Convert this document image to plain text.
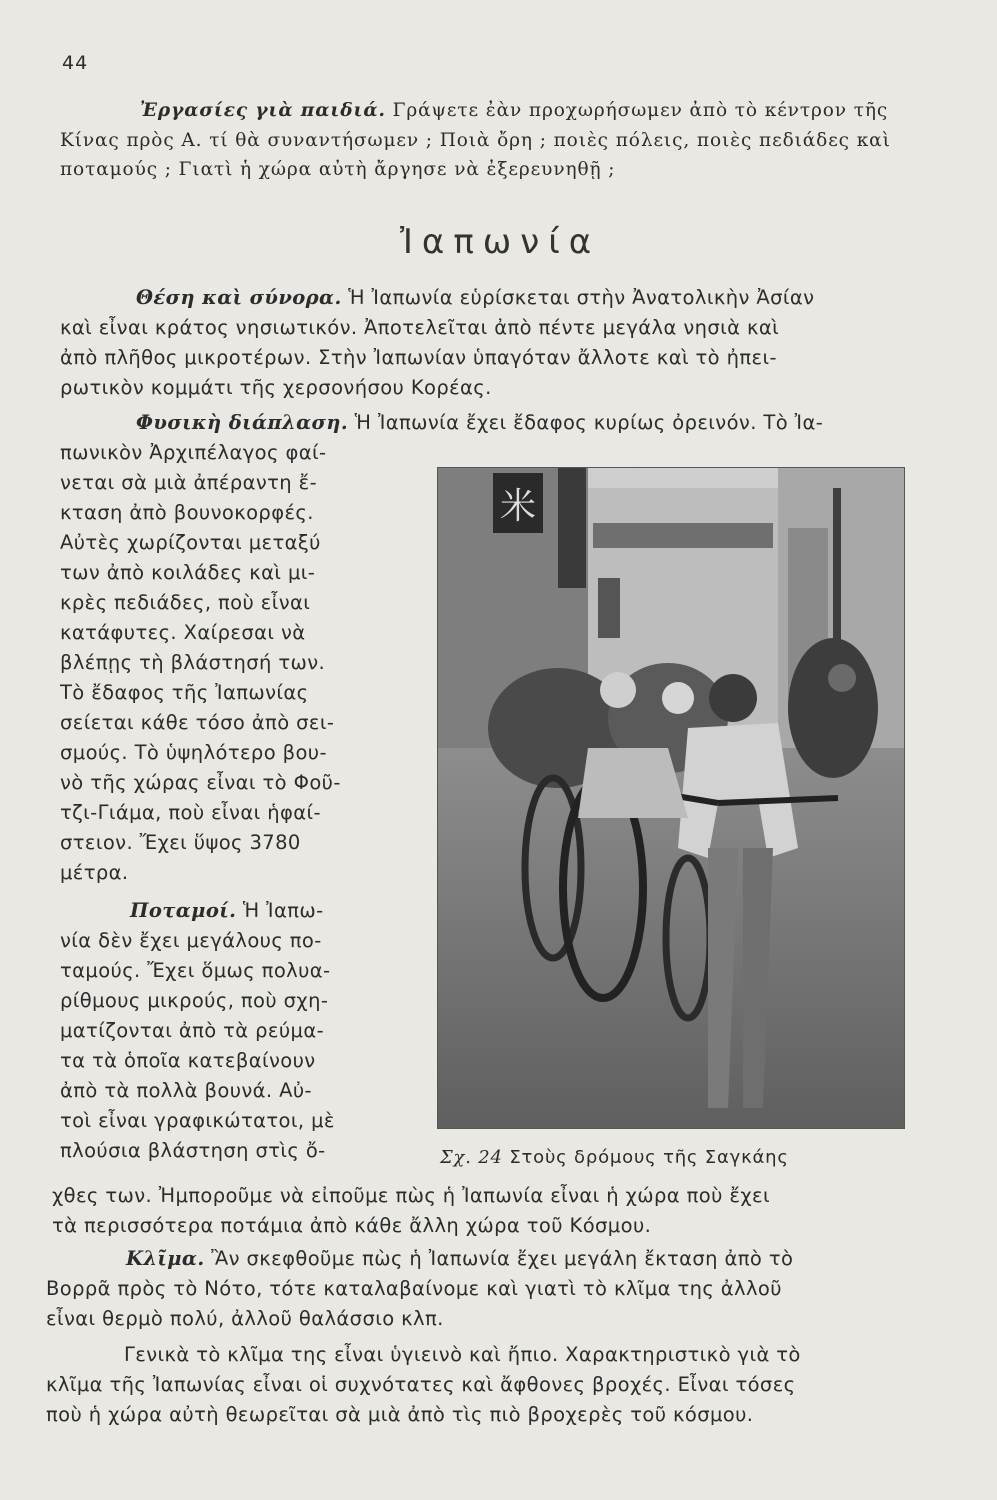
44
Ἐργασίες γιὰ παιδιά. Γράψετε ἐὰν προχωρήσωμεν ἀπὸ τὸ κέντρον τῆς
Κίνας πρὸς Α. τί θὰ συναντήσωμεν ; Ποιὰ ὄρη ; ποιὲς πόλεις, ποιὲς πεδιάδες καὶ
ποταμούς ; Γιατὶ ἡ χώρα αὐτὴ ἄργησε νὰ ἐξερευνηθῇ ;
Ἰαπωνία
Θέση καὶ σύνορα. Ἡ Ἰαπωνία εὑρίσκεται στὴν Ἀνατολικὴν Ἀσίαν
καὶ εἶναι κράτος νησιωτικόν. Ἀποτελεῖται ἀπὸ πέντε μεγάλα νησιὰ καὶ
ἀπὸ πλῆθος μικροτέρων. Στὴν Ἰαπωνίαν ὑπαγόταν ἄλλοτε καὶ τὸ ἠπει-
ρωτικὸν κομμάτι τῆς χερσονήσου Κορέας.
Φυσικὴ διάπλαση. Ἡ Ἰαπωνία ἔχει ἔδαφος κυρίως ὀρεινόν. Τὸ Ἰα-
πωνικὸν Ἀρχιπέλαγος φαί-
νεται σὰ μιὰ ἀπέραντη ἔ-
κταση ἀπὸ βουνοκορφές.
Αὐτὲς χωρίζονται μεταξύ
των ἀπὸ κοιλάδες καὶ μι-
κρὲς πεδιάδες, ποὺ εἶναι
κατάφυτες. Χαίρεσαι νὰ
βλέπῃς τὴ βλάστησή των.
Τὸ ἔδαφος τῆς Ἰαπωνίας
σείεται κάθε τόσο ἀπὸ σει-
σμούς. Τὸ ὑψηλότερο βου-
νὸ τῆς χώρας εἶναι τὸ Φοῦ-
τζι-Γιάμα, ποὺ εἶναι ἡφαί-
στειον. Ἔχει ὕψος 3780
μέτρα.
Ποταμοί. Ἡ Ἰαπω-
νία δὲν ἔχει μεγάλους πο-
ταμούς. Ἔχει ὅμως πολυα-
ρίθμους μικρούς, ποὺ σχη-
ματίζονται ἀπὸ τὰ ρεύμα-
τα τὰ ὁποῖα κατεβαίνουν
ἀπὸ τὰ πολλὰ βουνά. Αὐ-
τοὶ εἶναι γραφικώτατοι, μὲ
πλούσια βλάστηση στὶς ὄ-
χθες των. Ἠμποροῦμε νὰ εἰποῦμε πὼς ἡ Ἰαπωνία εἶναι ἡ χώρα ποὺ ἔχει
τὰ περισσότερα ποτάμια ἀπὸ κάθε ἄλλη χώρα τοῦ Κόσμου.
米
Σχ. 24 Στοὺς δρόμους τῆς Σαγκάης
Κλῖμα. Ἂν σκεφθοῦμε πὼς ἡ Ἰαπωνία ἔχει μεγάλη ἔκταση ἀπὸ τὸ
Βορρᾶ πρὸς τὸ Νότο, τότε καταλαβαίνομε καὶ γιατὶ τὸ κλῖμα της ἀλλοῦ
εἶναι θερμὸ πολύ, ἀλλοῦ θαλάσσιο κλπ.
Γενικὰ τὸ κλῖμα της εἶναι ὑγιεινὸ καὶ ἤπιο. Χαρακτηριστικὸ γιὰ τὸ
κλῖμα τῆς Ἰαπωνίας εἶναι οἱ συχνότατες καὶ ἄφθονες βροχές. Εἶναι τόσες
ποὺ ἡ χώρα αὐτὴ θεωρεῖται σὰ μιὰ ἀπὸ τὶς πιὸ βροχερὲς τοῦ κόσμου.
